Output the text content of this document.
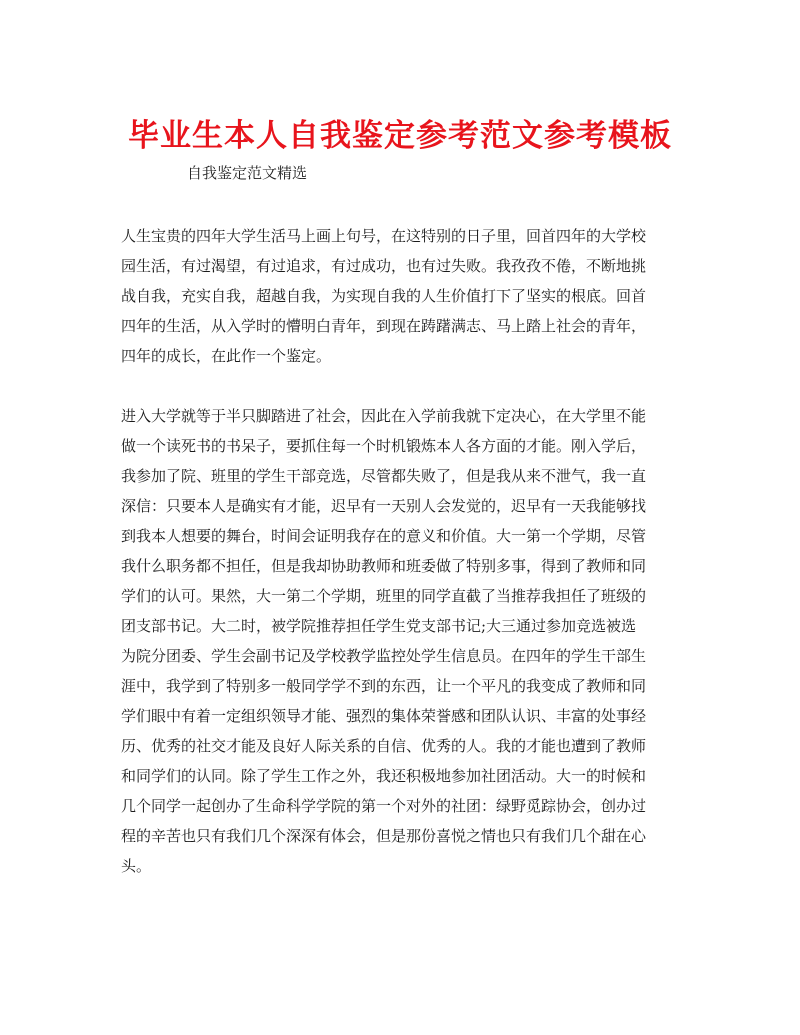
毕业生本人自我鉴定参考范文参考模板

自我鉴定范文精选

人生宝贵的四年大学生活马上画上句号，在这特别的日子里，回首四年的大学校
园生活，有过渴望，有过追求，有过成功，也有过失败。我孜孜不倦，不断地挑
战自我，充实自我，超越自我，为实现自我的人生价值打下了坚实的根底。回首
四年的生活，从入学时的懵明白青年，到现在踌躇满志、马上踏上社会的青年，
四年的成长，在此作一个鉴定。
进入大学就等于半只脚踏进了社会，因此在入学前我就下定决心，在大学里不能
做一个读死书的书呆子，要抓住每一个时机锻炼本人各方面的才能。刚入学后，
我参加了院、班里的学生干部竞选，尽管都失败了，但是我从来不泄气，我一直
深信：只要本人是确实有才能，迟早有一天别人会发觉的，迟早有一天我能够找
到我本人想要的舞台，时间会证明我存在的意义和价值。大一第一个学期，尽管
我什么职务都不担任，但是我却协助教师和班委做了特别多事，得到了教师和同
学们的认可。果然，大一第二个学期，班里的同学直截了当推荐我担任了班级的
团支部书记。大二时，被学院推荐担任学生党支部书记;大三通过参加竞选被选
为院分团委、学生会副书记及学校教学监控处学生信息员。在四年的学生干部生
涯中，我学到了特别多一般同学学不到的东西，让一个平凡的我变成了教师和同
学们眼中有着一定组织领导才能、强烈的集体荣誉感和团队认识、丰富的处事经
历、优秀的社交才能及良好人际关系的自信、优秀的人。我的才能也遭到了教师
和同学们的认同。除了学生工作之外，我还积极地参加社团活动。大一的时候和
几个同学一起创办了生命科学学院的第一个对外的社团：绿野觅踪协会，创办过
程的辛苦也只有我们几个深深有体会，但是那份喜悦之情也只有我们几个甜在心
头。
